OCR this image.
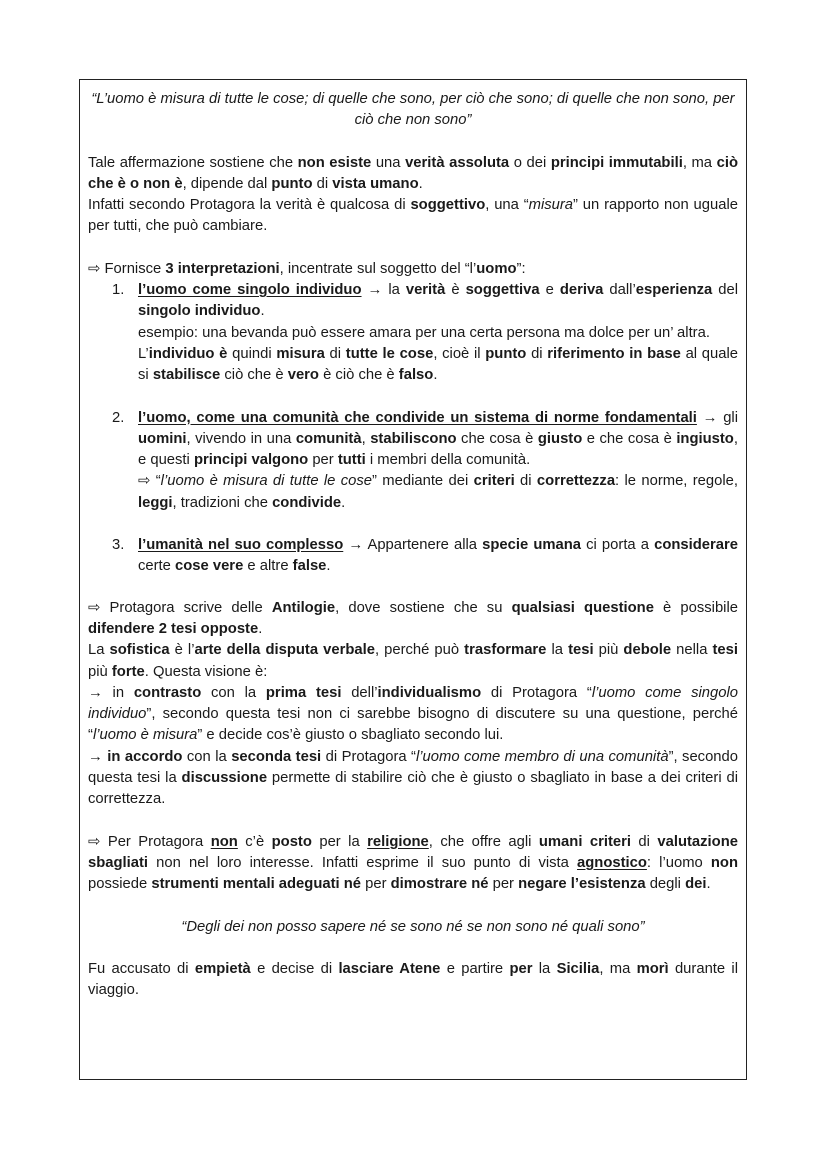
“L’uomo è misura di tutte le cose; di quelle che sono, per ciò che sono; di quelle che non sono, per ciò che non sono”

Tale affermazione sostiene che non esiste una verità assoluta o dei principi immutabili, ma ciò che è o non è, dipende dal punto di vista umano.
Infatti secondo Protagora la verità è qualcosa di soggettivo, una “misura” un rapporto non uguale per tutti, che può cambiare.

⇨ Fornisce 3 interpretazioni, incentrate sul soggetto del “l’uomo”:

1. l’uomo come singolo individuo → la verità è soggettiva e deriva dall’esperienza del singolo individuo.

esempio: una bevanda può essere amara per una certa persona ma dolce per un’ altra.

L’individuo è quindi misura di tutte le cose, cioè il punto di riferimento in base al quale si stabilisce ciò che è vero è ciò che è falso.

2. l’uomo, come una comunità che condivide un sistema di norme fondamentali → gli uomini, vivendo in una comunità, stabiliscono che cosa è giusto e che cosa è ingiusto, e questi principi valgono per tutti i membri della comunità.

⇨ “l’uomo è misura di tutte le cose” mediante dei criteri di correttezza: le norme, regole, leggi, tradizioni che condivide.

3. l’umanità nel suo complesso → Appartenere alla specie umana ci porta a considerare certe cose vere e altre false.

⇨ Protagora scrive delle Antilogie, dove sostiene che su qualsiasi questione è possibile difendere 2 tesi opposte.
La sofistica è l’arte della disputa verbale, perché può trasformare la tesi più debole nella tesi più forte. Questa visione è:
→ in contrasto con la prima tesi dell’individualismo di Protagora “l’uomo come singolo individuo”, secondo questa tesi non ci sarebbe bisogno di discutere su una questione, perché “l’uomo è misura” e decide cos’è giusto o sbagliato secondo lui.
→ in accordo con la seconda tesi di Protagora “l’uomo come membro di una comunità”, secondo questa tesi la discussione permette di stabilire ciò che è giusto o sbagliato in base a dei criteri di correttezza.

⇨ Per Protagora non c’è posto per la religione, che offre agli umani criteri di valutazione sbagliati non nel loro interesse. Infatti esprime il suo punto di vista agnostico: l’uomo non possiede strumenti mentali adeguati né per dimostrare né per negare l’esistenza degli dei.

“Degli dei non posso sapere né se sono né se non sono né quali sono”

Fu accusato di empietà e decise di lasciare Atene e partire per la Sicilia, ma morì durante il viaggio.
